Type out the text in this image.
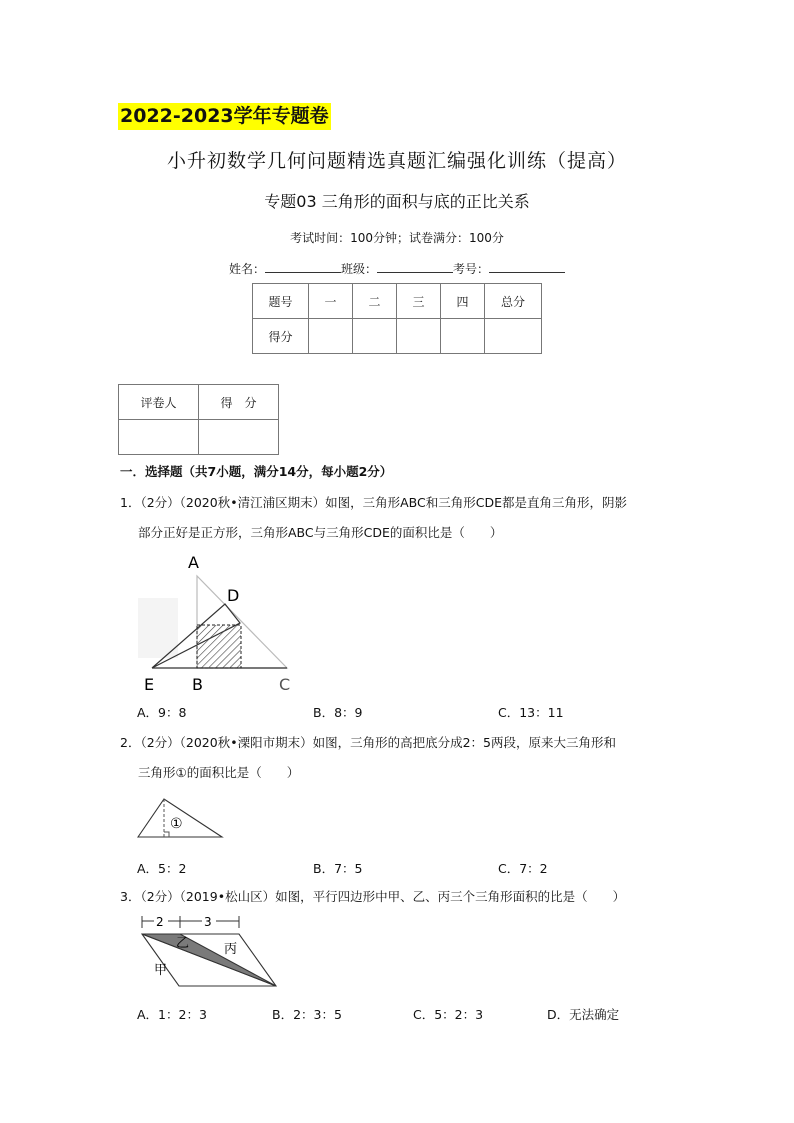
2022-2023学年专题卷
小升初数学几何问题精选真题汇编强化训练（提高）
专题03 三角形的面积与底的正比关系
考试时间：100分钟；试卷满分：100分
姓名：	班级：	考号：
题号	一	二	三	四	总分
得分					
评卷人	得　分

一．选择题（共7小题，满分14分，每小题2分）
1．（2分）（2020秋•清江浦区期末）如图，三角形ABC和三角形CDE都是直角三角形，阴影
部分正好是正方形，三角形ABC与三角形CDE的面积比是（　　）
A
D
E B	C
A．9：8	B．8：9	C．13：11
2．（2分）（2020秋•溧阳市期末）如图，三角形的高把底分成2：5两段，原来大三角形和
三角形①的面积比是（　　）
①
A．5：2	B．7：5	C．7：2
3．（2分）（2019•松山区）如图，平行四边形中甲、乙、丙三个三角形面积的比是（　　）
2	3
乙	丙
甲
A．1：2：3	B．2：3：5	C．5：2：3	D．无法确定
